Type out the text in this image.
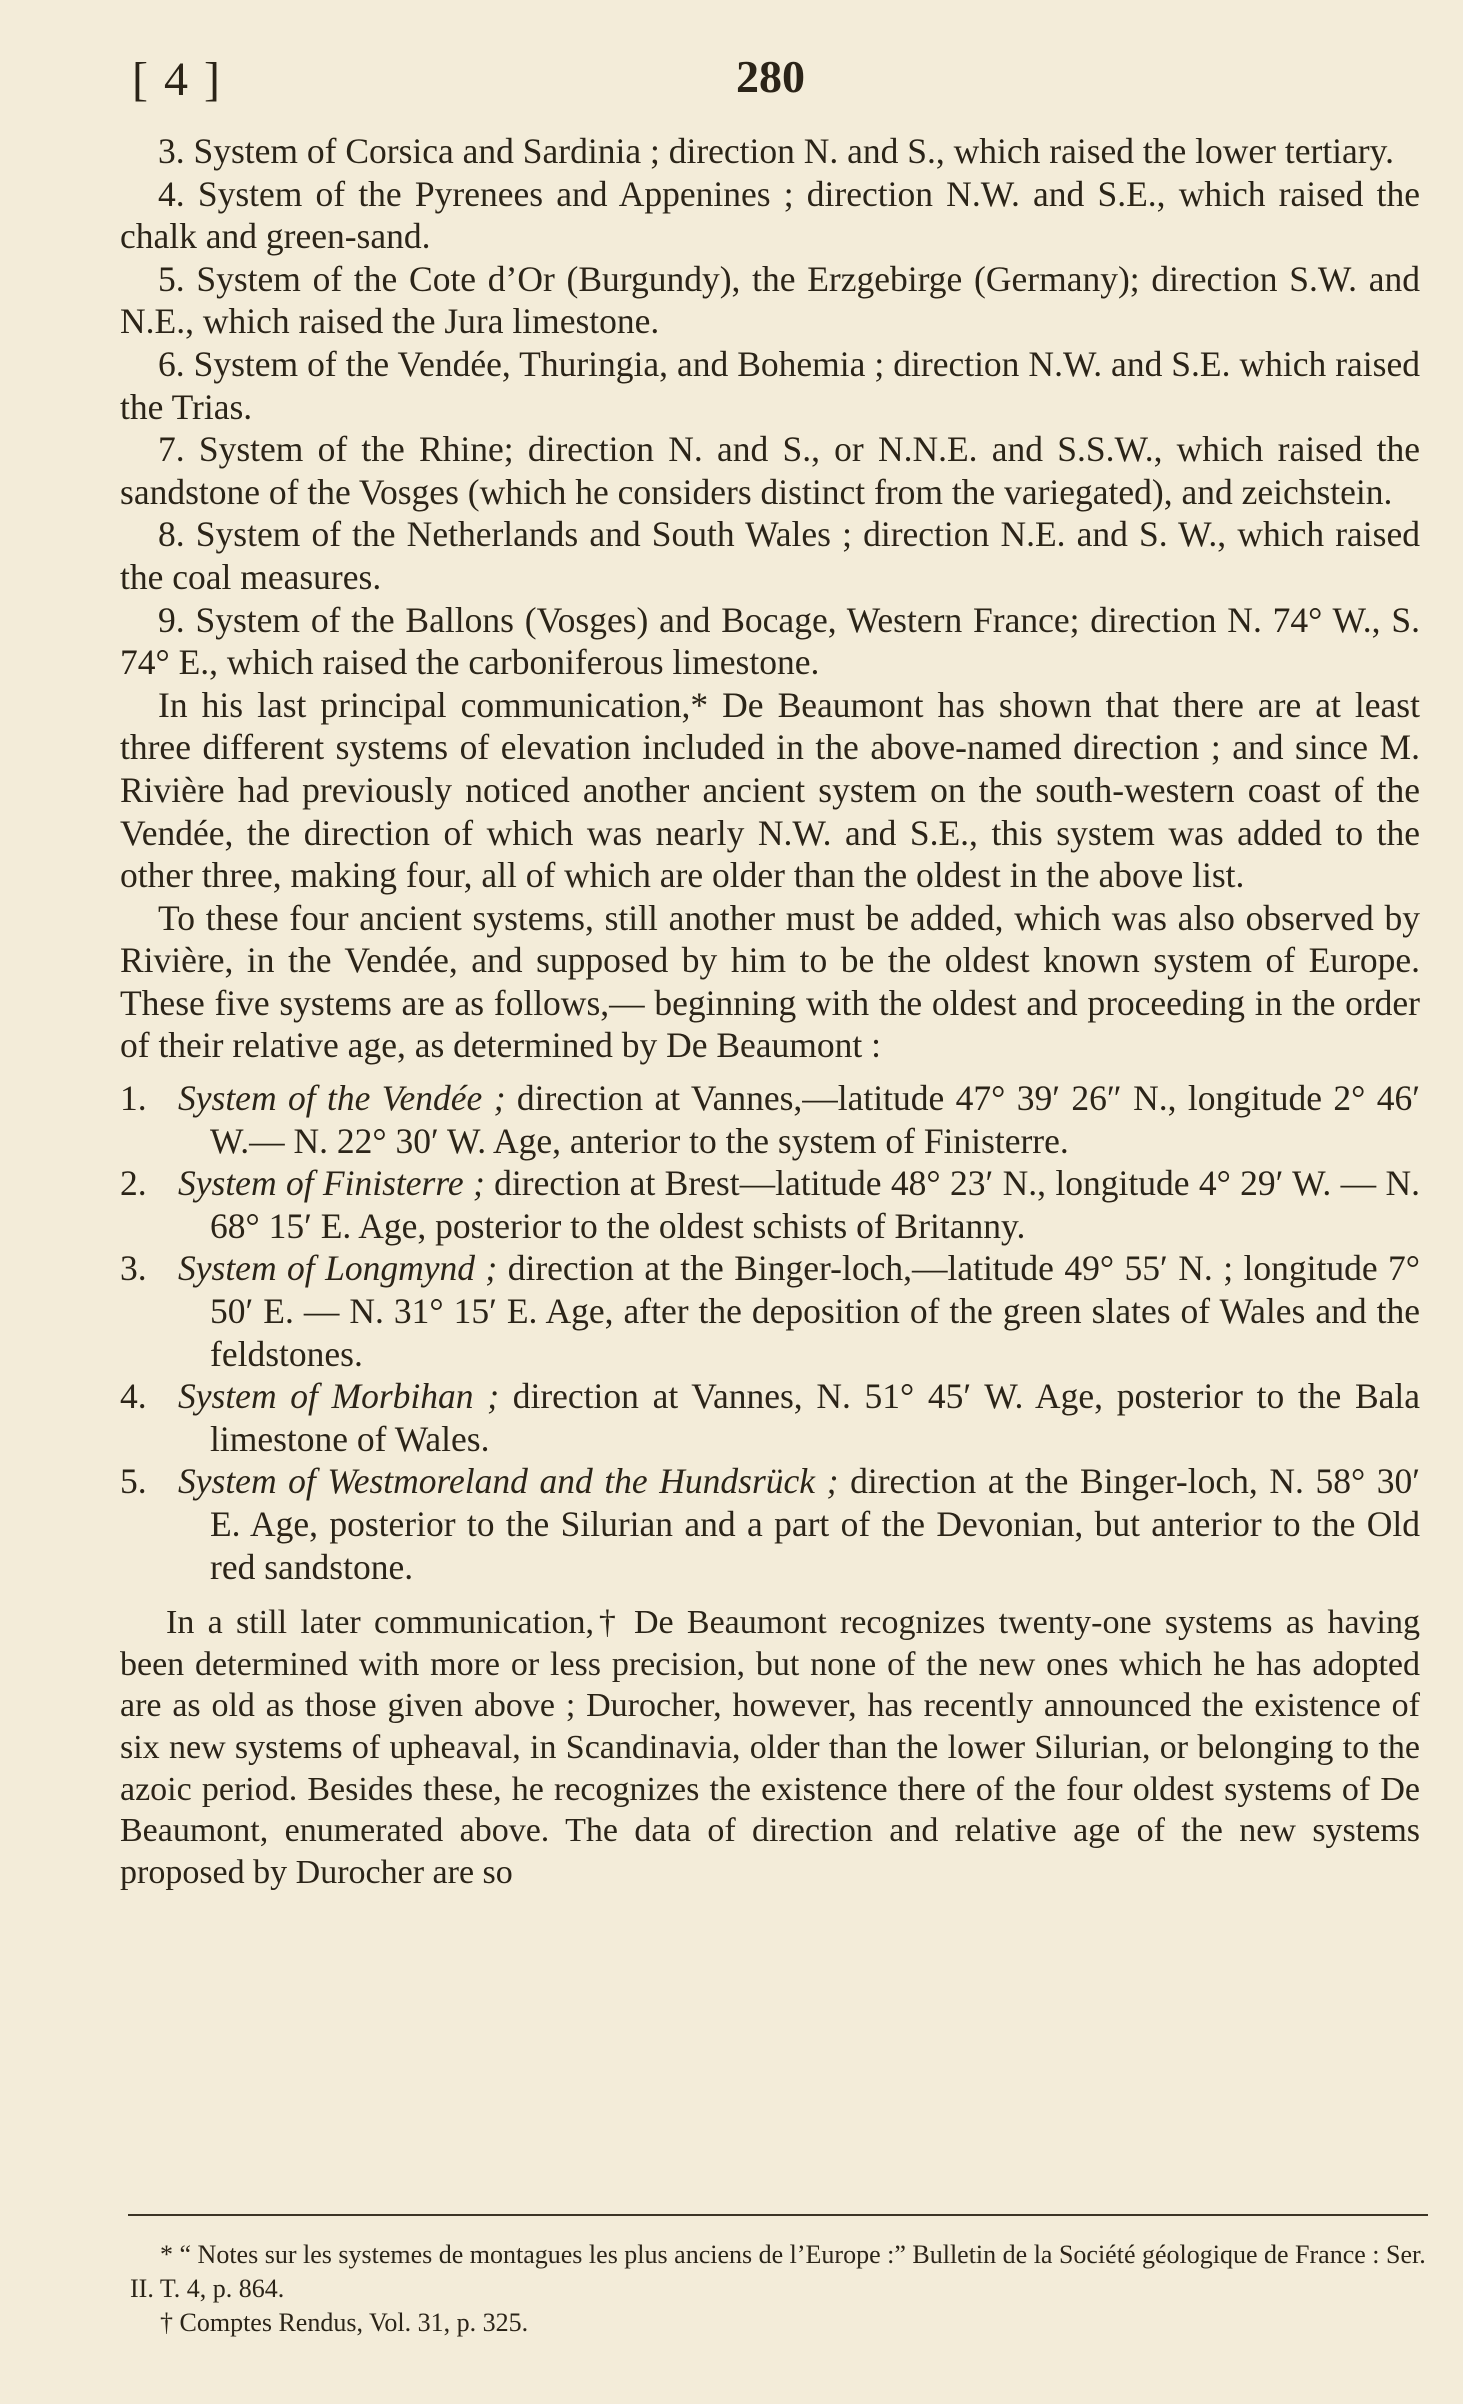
[ 4 ]	280

3. System of Corsica and Sardinia ; direction N. and S., which raised the lower tertiary.

4. System of the Pyrenees and Appenines ; direction N.W. and S.E., which raised the chalk and green-sand.

5. System of the Cote d’Or (Burgundy), the Erzgebirge (Germany); direction S.W. and N.E., which raised the Jura limestone.

6. System of the Vendée, Thuringia, and Bohemia ; direction N.W. and S.E. which raised the Trias.

7. System of the Rhine; direction N. and S., or N.N.E. and S.S.W., which raised the sandstone of the Vosges (which he considers distinct from the variegated), and zeichstein.

8. System of the Netherlands and South Wales ; direction N.E. and S. W., which raised the coal measures.

9. System of the Ballons (Vosges) and Bocage, Western France; direction N. 74° W., S. 74° E., which raised the carboniferous limestone.

In his last principal communication,* De Beaumont has shown that there are at least three different systems of elevation included in the above-named direction ; and since M. Rivière had previously noticed another ancient system on the south-western coast of the Vendée, the direction of which was nearly N.W. and S.E., this system was added to the other three, making four, all of which are older than the oldest in the above list.

To these four ancient systems, still another must be added, which was also observed by Rivière, in the Vendée, and supposed by him to be the oldest known system of Europe. These five systems are as follows,— beginning with the oldest and proceeding in the order of their relative age, as determined by De Beaumont :

1. System of the Vendée ; direction at Vannes,—latitude 47° 39′ 26″ N., longitude 2° 46′ W.— N. 22° 30′ W. Age, anterior to the system of Finisterre.

2. System of Finisterre ; direction at Brest—latitude 48° 23′ N., longitude 4° 29′ W. — N. 68° 15′ E. Age, posterior to the oldest schists of Britanny.

3. System of Longmynd ; direction at the Binger-loch,—latitude 49° 55′ N. ; longitude 7° 50′ E. — N. 31° 15′ E. Age, after the deposition of the green slates of Wales and the feldstones.

4. System of Morbihan ; direction at Vannes, N. 51° 45′ W. Age, posterior to the Bala limestone of Wales.

5. System of Westmoreland and the Hundsrück ; direction at the Binger-loch, N. 58° 30′ E. Age, posterior to the Silurian and a part of the Devonian, but anterior to the Old red sandstone.

In a still later communication,† De Beaumont recognizes twenty-one systems as having been determined with more or less precision, but none of the new ones which he has adopted are as old as those given above ; Durocher, however, has recently announced the existence of six new systems of upheaval, in Scandinavia, older than the lower Silurian, or belonging to the azoic period. Besides these, he recognizes the existence there of the four oldest systems of De Beaumont, enumerated above. The data of direction and relative age of the new systems proposed by Durocher are so

* “ Notes sur les systemes de montagues les plus anciens de l’Europe :” Bulletin de la Société géologique de France : Ser. II. T. 4, p. 864.

† Comptes Rendus, Vol. 31, p. 325.
